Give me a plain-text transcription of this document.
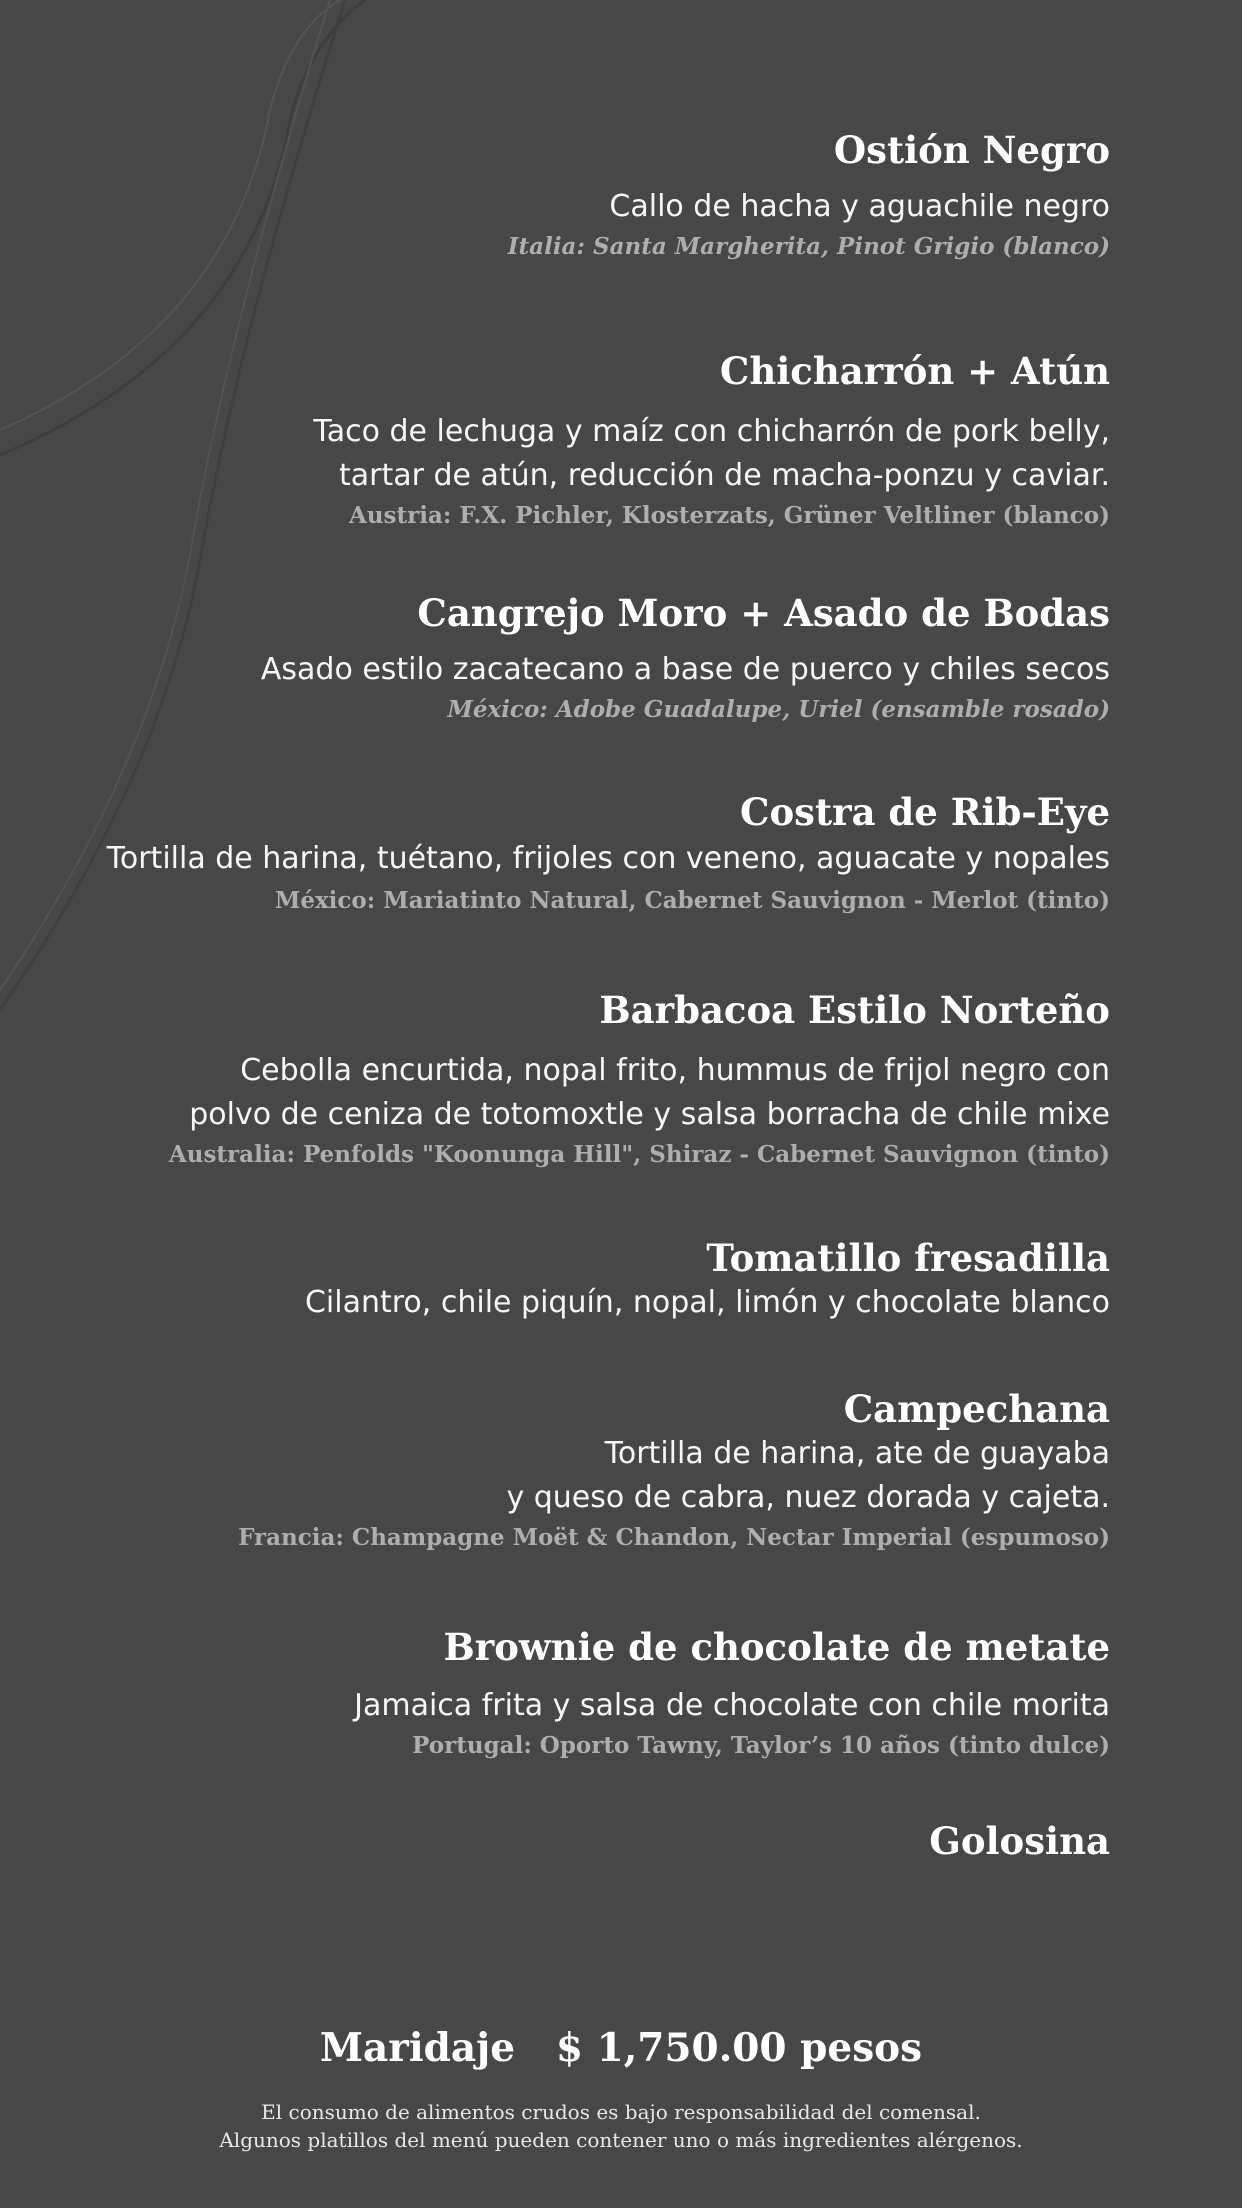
Ostión Negro
Callo de hacha y aguachile negro
Italia: Santa Margherita, Pinot Grigio (blanco)
Chicharrón + Atún
Taco de lechuga y maíz con chicharrón de pork belly,
tartar de atún, reducción de macha-ponzu y caviar.
Austria: F.X. Pichler, Klosterzats, Grüner Veltliner (blanco)
Cangrejo Moro + Asado de Bodas
Asado estilo zacatecano a base de puerco y chiles secos
México: Adobe Guadalupe, Uriel (ensamble rosado)
Costra de Rib-Eye
Tortilla de harina, tuétano, frijoles con veneno, aguacate y nopales
México: Mariatinto Natural, Cabernet Sauvignon - Merlot (tinto)
Barbacoa Estilo Norteño
Cebolla encurtida, nopal frito, hummus de frijol negro con
polvo de ceniza de totomoxtle y salsa borracha de chile mixe
Australia: Penfolds "Koonunga Hill", Shiraz - Cabernet Sauvignon (tinto)
Tomatillo fresadilla
Cilantro, chile piquín, nopal, limón y chocolate blanco
Campechana
Tortilla de harina, ate de guayaba
y queso de cabra, nuez dorada y cajeta.
Francia: Champagne Moët & Chandon, Nectar Imperial (espumoso)
Brownie de chocolate de metate
Jamaica frita y salsa de chocolate con chile morita
Portugal: Oporto Tawny, Taylor’s 10 años (tinto dulce)
Golosina
Maridaje $ 1,750.00 pesos
El consumo de alimentos crudos es bajo responsabilidad del comensal.
Algunos platillos del menú pueden contener uno o más ingredientes alérgenos.
